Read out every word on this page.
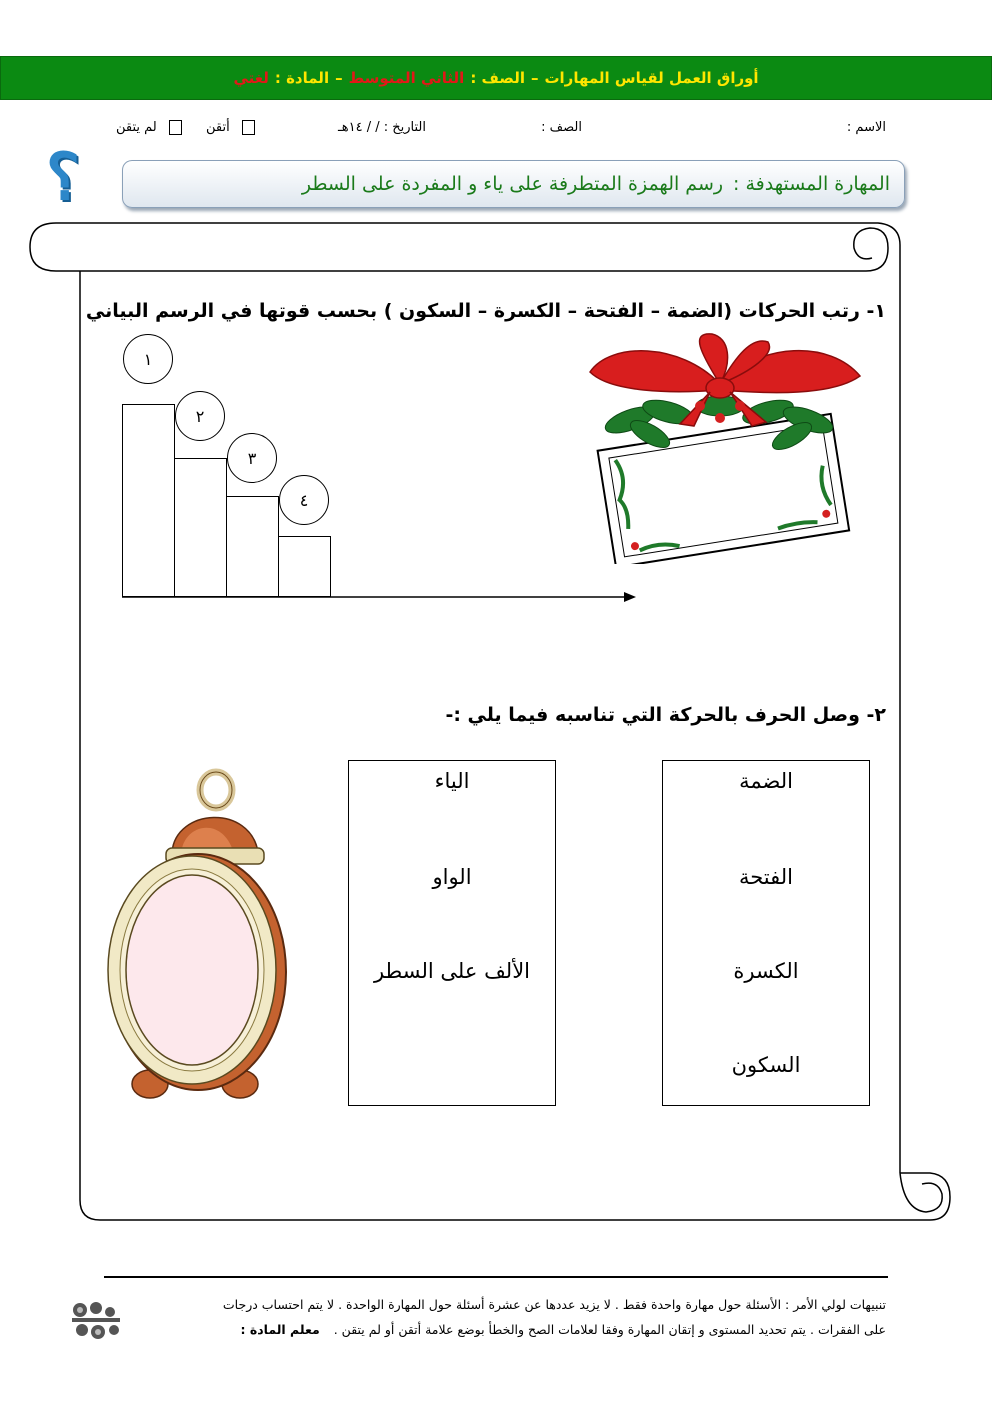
أوراق العمل لقياس المهارات
–
الصف :
الثاني المتوسط
–
المادة :
لغتي
الاسم :
الصف :
التاريخ : / / ١٤هـ
أتقن
لم يتقن
؟	المهارة المستهدفة :
رسم الهمزة المتطرفة على ياء و المفردة على السطر
١- رتب الحركات (الضمة – الفتحة – الكسرة – السكون ) بحسب قوتها في الرسم البياني
١
٢
٣
٤
٢- وصل الحرف بالحركة التي تناسبه فيما يلي :-
الياء
الواو
الألف على السطر
الضمة
الفتحة
الكسرة
السكون
تنبيهات لولي الأمر : الأسئلة حول مهارة واحدة فقط . لا يزيد عددها عن عشرة أسئلة حول المهارة الواحدة . لا يتم احتساب درجات
على الفقرات . يتم تحديد المستوى و إتقان المهارة وفقا لعلامات الصح والخطأ بوضع علامة أتقن أو لم يتقن . معلم المادة :
